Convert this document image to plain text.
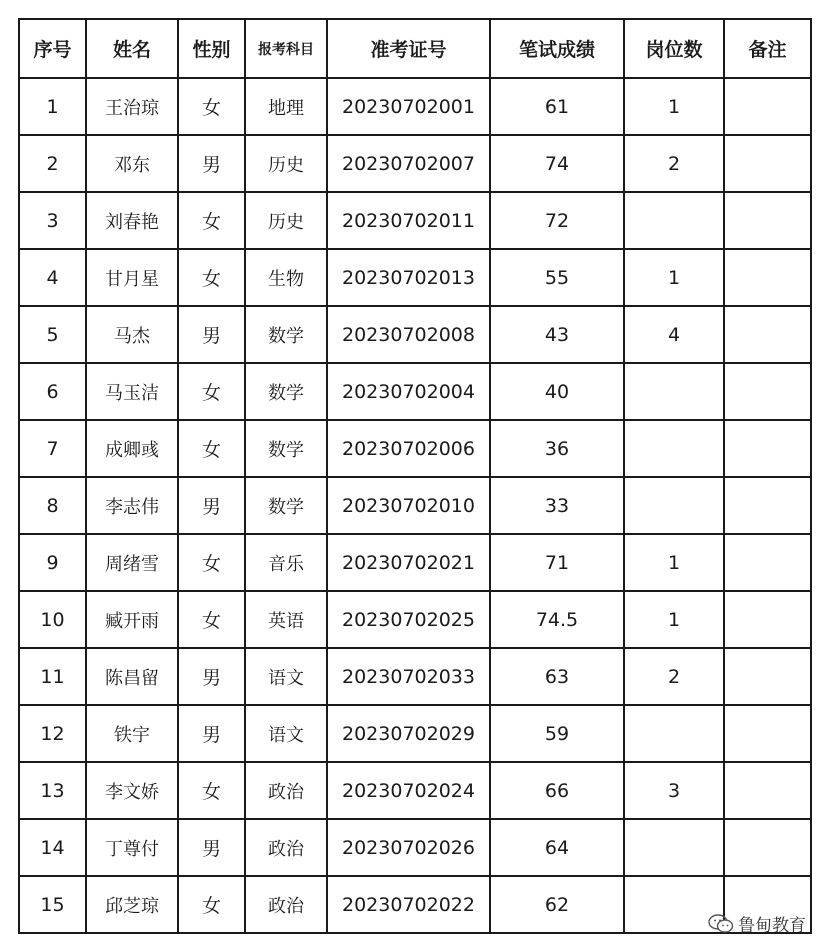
序号	姓名	性别	报考科目	准考证号	笔试成绩	岗位数	备注
1	王治琼	女	地理	20230702001	61	1	
2	邓东	男	历史	20230702007	74	2	
3	刘春艳	女	历史	20230702011	72		
4	甘月星	女	生物	20230702013	55	1	
5	马杰	男	数学	20230702008	43	4	
6	马玉洁	女	数学	20230702004	40		
7	成卿彧	女	数学	20230702006	36		
8	李志伟	男	数学	20230702010	33		
9	周绪雪	女	音乐	20230702021	71	1	
10	臧开雨	女	英语	20230702025	74.5	1	
11	陈昌留	男	语文	20230702033	63	2	
12	铁宇	男	语文	20230702029	59		
13	李文娇	女	政治	20230702024	66	3	
14	丁尊付	男	政治	20230702026	64		
15	邱芝琼	女	政治	20230702022	62		
鲁甸教育
